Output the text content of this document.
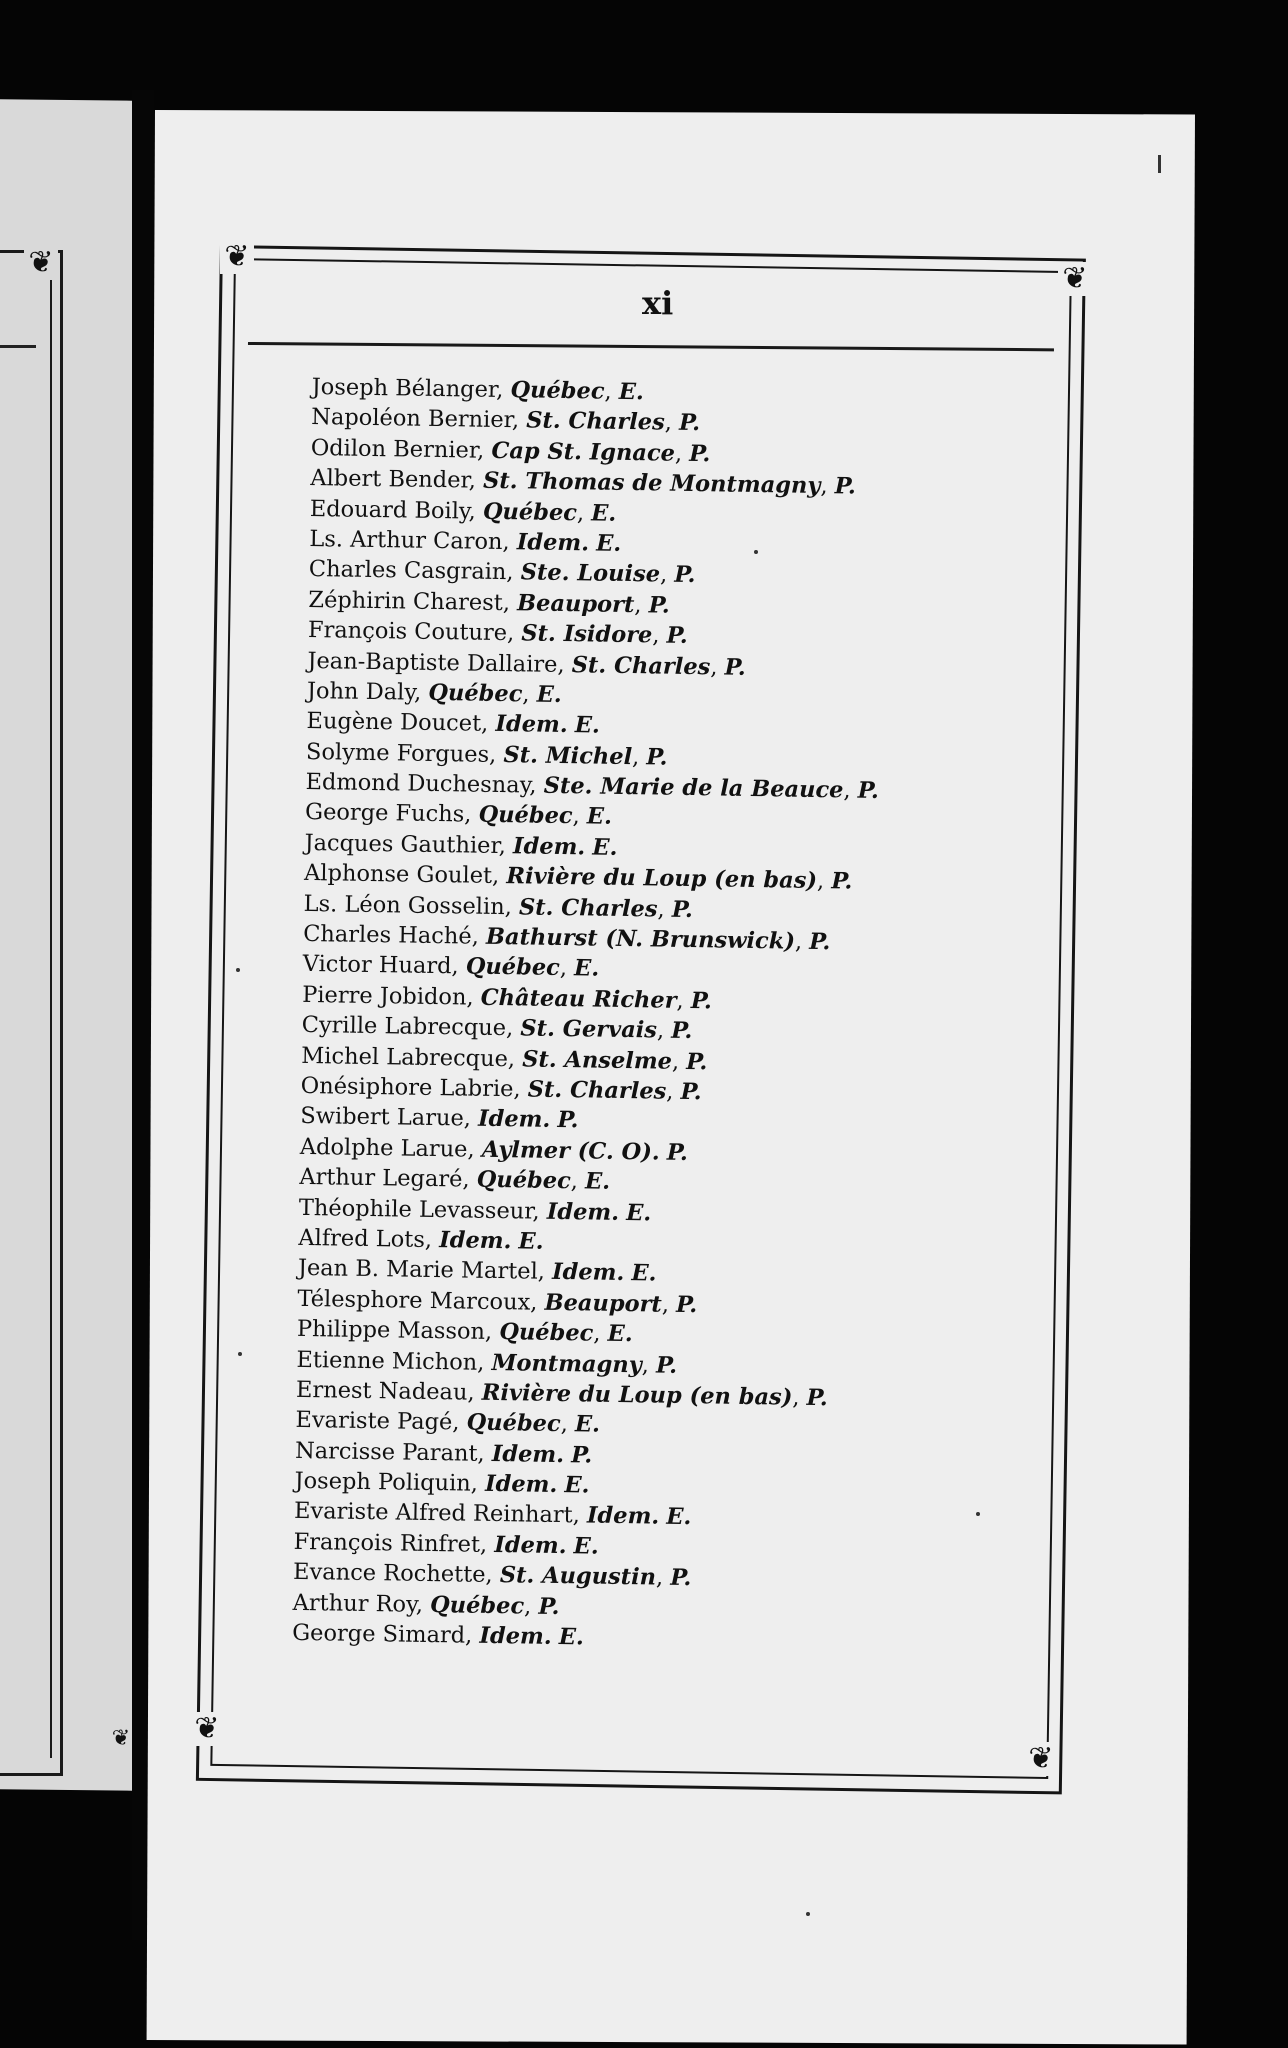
❦
❦
❦
❦
❦
❦
xi
Joseph Bélanger, Québec, E.
Napoléon Bernier, St. Charles, P.
Odilon Bernier, Cap St. Ignace, P.
Albert Bender, St. Thomas de Montmagny, P.
Edouard Boily, Québec, E.
Ls. Arthur Caron, Idem. E.
Charles Casgrain, Ste. Louise, P.
Zéphirin Charest, Beauport, P.
François Couture, St. Isidore, P.
Jean-Baptiste Dallaire, St. Charles, P.
John Daly, Québec, E.
Eugène Doucet, Idem. E.
Solyme Forgues, St. Michel, P.
Edmond Duchesnay, Ste. Marie de la Beauce, P.
George Fuchs, Québec, E.
Jacques Gauthier, Idem. E.
Alphonse Goulet, Rivière du Loup (en bas), P.
Ls. Léon Gosselin, St. Charles, P.
Charles Haché, Bathurst (N. Brunswick), P.
Victor Huard, Québec, E.
Pierre Jobidon, Château Richer, P.
Cyrille Labrecque, St. Gervais, P.
Michel Labrecque, St. Anselme, P.
Onésiphore Labrie, St. Charles, P.
Swibert Larue, Idem. P.
Adolphe Larue, Aylmer (C. O). P.
Arthur Legaré, Québec, E.
Théophile Levasseur, Idem. E.
Alfred Lots, Idem. E.
Jean B. Marie Martel, Idem. E.
Télesphore Marcoux, Beauport, P.
Philippe Masson, Québec, E.
Etienne Michon, Montmagny, P.
Ernest Nadeau, Rivière du Loup (en bas), P.
Evariste Pagé, Québec, E.
Narcisse Parant, Idem. P.
Joseph Poliquin, Idem. E.
Evariste Alfred Reinhart, Idem. E.
François Rinfret, Idem. E.
Evance Rochette, St. Augustin, P.
Arthur Roy, Québec, P.
George Simard, Idem. E.
